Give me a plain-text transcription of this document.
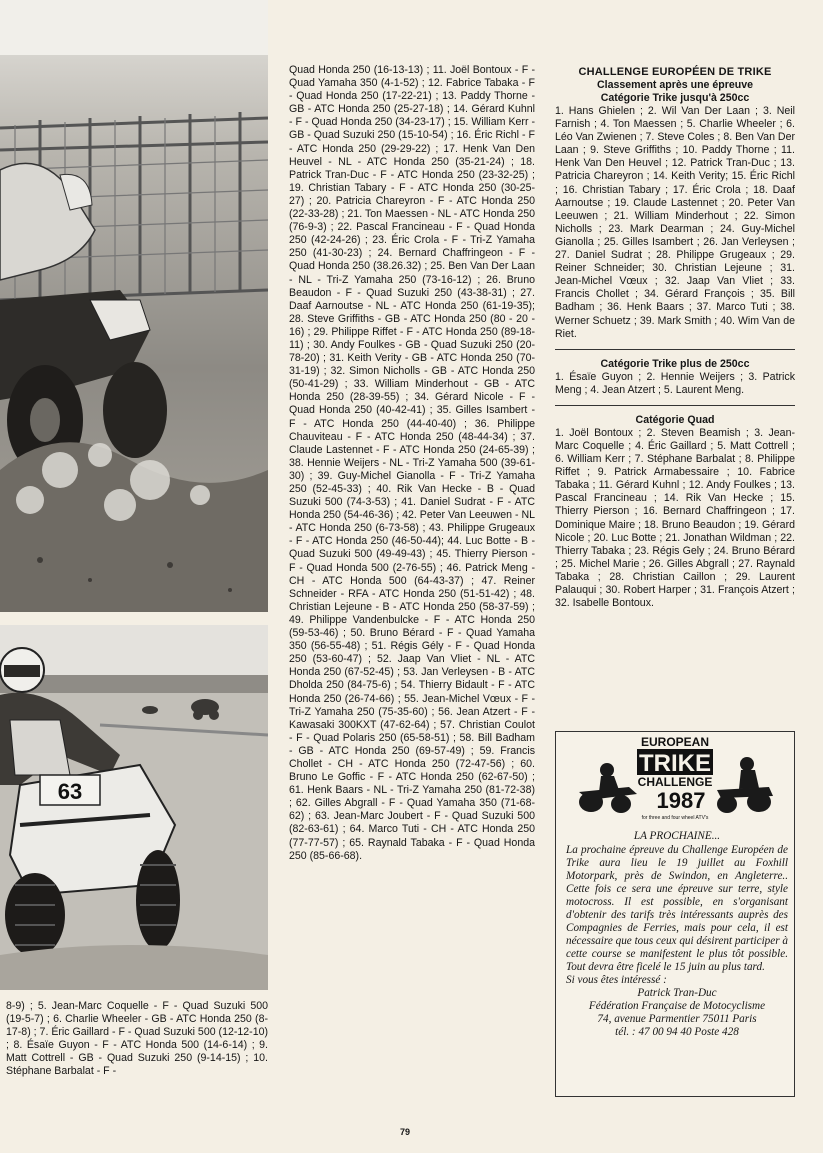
63

8-9) ; 5. Jean-Marc Coquelle - F - Quad Suzuki 500 (19-5-7) ; 6. Charlie Wheeler - GB - ATC Honda 250 (8-17-8) ; 7. Éric Gaillard - F - Quad Suzuki 500 (12-12-10) ; 8. Ésaïe Guyon - F - ATC Honda 500 (14-6-14) ; 9. Matt Cottrell - GB - Quad Suzuki 250 (9-14-15) ; 10. Stéphane Barbalat - F -

Quad Honda 250 (16-13-13) ; 11. Joël Bontoux - F - Quad Yamaha 350 (4-1-52) ; 12. Fabrice Tabaka - F - Quad Honda 250 (17-22-21) ; 13. Paddy Thorne - GB - ATC Honda 250 (25-27-18) ; 14. Gérard Kuhnl - F - Quad Honda 250 (34-23-17) ; 15. William Kerr - GB - Quad Suzuki 250 (15-10-54) ; 16. Éric Richl - F - ATC Honda 250 (29-29-22) ; 17. Henk Van Den Heuvel - NL - ATC Honda 250 (35-21-24) ; 18. Patrick Tran-Duc - F - ATC Honda 250 (23-32-25) ; 19. Christian Tabary - F - ATC Honda 250 (30-25-27) ; 20. Patricia Chareyron - F - ATC Honda 250 (22-33-28) ; 21. Ton Maessen - NL - ATC Honda 250 (76-9-3) ; 22. Pascal Francineau - F - Quad Honda 250 (42-24-26) ; 23. Éric Crola - F - Tri-Z Yamaha 250 (41-30-23) ; 24. Bernard Chaffringeon - F - Quad Honda 250 (38.26.32) ; 25. Ben Van Der Laan - NL - Tri-Z Yamaha 250 (73-16-12) ; 26. Bruno Beaudon - F - Quad Suzuki 250 (43-38-31) ; 27. Daaf Aarnoutse - NL - ATC Honda 250 (61-19-35); 28. Steve Griffiths - GB - ATC Honda 250 (80 - 20 - 16) ; 29. Philippe Riffet - F - ATC Honda 250 (89-18-11) ; 30. Andy Foulkes - GB - Quad Suzuki 250 (20-78-20) ; 31. Keith Verity - GB - ATC Honda 250 (70-31-19) ; 32. Simon Nicholls - GB - ATC Honda 250 (50-41-29) ; 33. William Minderhout - GB - ATC Honda 250 (28-39-55) ; 34. Gérard Nicole - F - Quad Honda 250 (40-42-41) ; 35. Gilles Isambert - F - ATC Honda 250 (44-40-40) ; 36. Philippe Chauviteau - F - ATC Honda 250 (48-44-34) ; 37. Claude Lastennet - F - ATC Honda 250 (24-65-39) ; 38. Hennie Weijers - NL - Tri-Z Yamaha 500 (39-61-30) ; 39. Guy-Michel Gianolla - F - Tri-Z Yamaha 250 (52-45-33) ; 40. Rik Van Hecke - B - Quad Suzuki 500 (74-3-53) ; 41. Daniel Sudrat - F - ATC Honda 250 (54-46-36) ; 42. Peter Van Leeuwen - NL - ATC Honda 250 (6-73-58) ; 43. Philippe Grugeaux - F - ATC Honda 250 (46-50-44); 44. Luc Botte - B - Quad Suzuki 500 (49-49-43) ; 45. Thierry Pierson - F - Quad Honda 500 (2-76-55) ; 46. Patrick Meng - CH - ATC Honda 500 (64-43-37) ; 47. Reiner Schneider - RFA - ATC Honda 250 (51-51-42) ; 48. Christian Lejeune - B - ATC Honda 250 (58-37-59) ; 49. Philippe Vandenbulcke - F - ATC Honda 250 (59-53-46) ; 50. Bruno Bérard - F - Quad Yamaha 350 (56-55-48) ; 51. Régis Gély - F - Quad Honda 250 (53-60-47) ; 52. Jaap Van Vliet - NL - ATC Honda 250 (67-52-45) ; 53. Jan Verleysen - B - ATC Dholda 250 (84-75-6) ; 54. Thierry Bidault - F - ATC Honda 250 (26-74-66) ; 55. Jean-Michel Vœux - F - Tri-Z Yamaha 250 (75-35-60) ; 56. Jean Atzert - F - Kawasaki 300KXT (47-62-64) ; 57. Christian Coulot - F - Quad Polaris 250 (65-58-51) ; 58. Bill Badham - GB - ATC Honda 250 (69-57-49) ; 59. Francis Chollet - CH - ATC Honda 250 (72-47-56) ; 60. Bruno Le Goffic - F - ATC Honda 250 (62-67-50) ; 61. Henk Baars - NL - Tri-Z Yamaha 250 (81-72-38) ; 62. Gilles Abgrall - F - Quad Yamaha 350 (71-68-62) ; 63. Jean-Marc Joubert - F - Quad Suzuki 500 (82-63-61) ; 64. Marco Tuti - CH - ATC Honda 250 (77-77-57) ; 65. Raynald Tabaka - F - Quad Honda 250 (85-66-68).

CHALLENGE EUROPÉEN DE TRIKE
Classement après une épreuve
Catégorie Trike jusqu'à 250cc

1. Hans Ghielen ; 2. Wil Van Der Laan ; 3. Neil Farnish ; 4. Ton Maessen ; 5. Charlie Wheeler ; 6. Léo Van Zwienen ; 7. Steve Coles ; 8. Ben Van Der Laan ; 9. Steve Griffiths ; 10. Paddy Thorne ; 11. Henk Van Den Heuvel ; 12. Patrick Tran-Duc ; 13. Patricia Chareyron ; 14. Keith Verity; 15. Éric Richl ; 16. Christian Tabary ; 17. Éric Crola ; 18. Daaf Aarnoutse ; 19. Claude Lastennet ; 20. Peter Van Leeuwen ; 21. William Minderhout ; 22. Simon Nicholls ; 23. Mark Dearman ; 24. Guy-Michel Gianolla ; 25. Gilles Isambert ; 26. Jan Verleysen ; 27. Daniel Sudrat ; 28. Philippe Grugeaux ; 29. Reiner Schneider; 30. Christian Lejeune ; 31. Jean-Michel Vœux ; 32. Jaap Van Vliet ; 33. Francis Chollet ; 34. Gérard François ; 35. Bill Badham ; 36. Henk Baars ; 37. Marco Tuti ; 38. Werner Schuetz ; 39. Mark Smith ; 40. Wim Van de Riet.

Catégorie Trike plus de 250cc

1. Ésaïe Guyon ; 2. Hennie Weijers ; 3. Patrick Meng ; 4. Jean Atzert ; 5. Laurent Meng.

Catégorie Quad

1. Joël Bontoux ; 2. Steven Beamish ; 3. Jean-Marc Coquelle ; 4. Éric Gaillard ; 5. Matt Cottrell ; 6. William Kerr ; 7. Stéphane Barbalat ; 8. Philippe Riffet ; 9. Patrick Armabessaire ; 10. Fabrice Tabaka ; 11. Gérard Kuhnl ; 12. Andy Foulkes ; 13. Pascal Francineau ; 14. Rik Van Hecke ; 15. Thierry Pierson ; 16. Bernard Chaffringeon ; 17. Dominique Maire ; 18. Bruno Beaudon ; 19. Gérard Nicole ; 20. Luc Botte ; 21. Jonathan Wildman ; 22. Thierry Tabaka ; 23. Régis Gely ; 24. Bruno Bérard ; 25. Michel Marie ; 26. Gilles Abgrall ; 27. Raynald Tabaka ; 28. Christian Caillon ; 29. Laurent Palauqui ; 30. Robert Harper ; 31. François Atzert ; 32. Isabelle Bontoux.

EUROPEAN
TRIKE
CHALLENGE
1987
for three and four wheel ATV's

LA PROCHAINE...

La prochaine épreuve du Challenge Européen de Trike aura lieu le 19 juillet au Foxhill Motorpark, près de Swindon, en Angleterre.. Cette fois ce sera une épreuve sur terre, style motocross. Il est possible, en s'organisant d'obtenir des tarifs très intéressants auprès des Compagnies de Ferries, mais pour cela, il est nécessaire que tous ceux qui désirent participer à cette course se manifestent le plus tôt possible. Tout devra être ficelé le 15 juin au plus tard.

Si vous êtes intéressé :

Patrick Tran-Duc

Fédération Française de Motocyclisme

74, avenue Parmentier 75011 Paris

tél. : 47 00 94 40 Poste 428

79
